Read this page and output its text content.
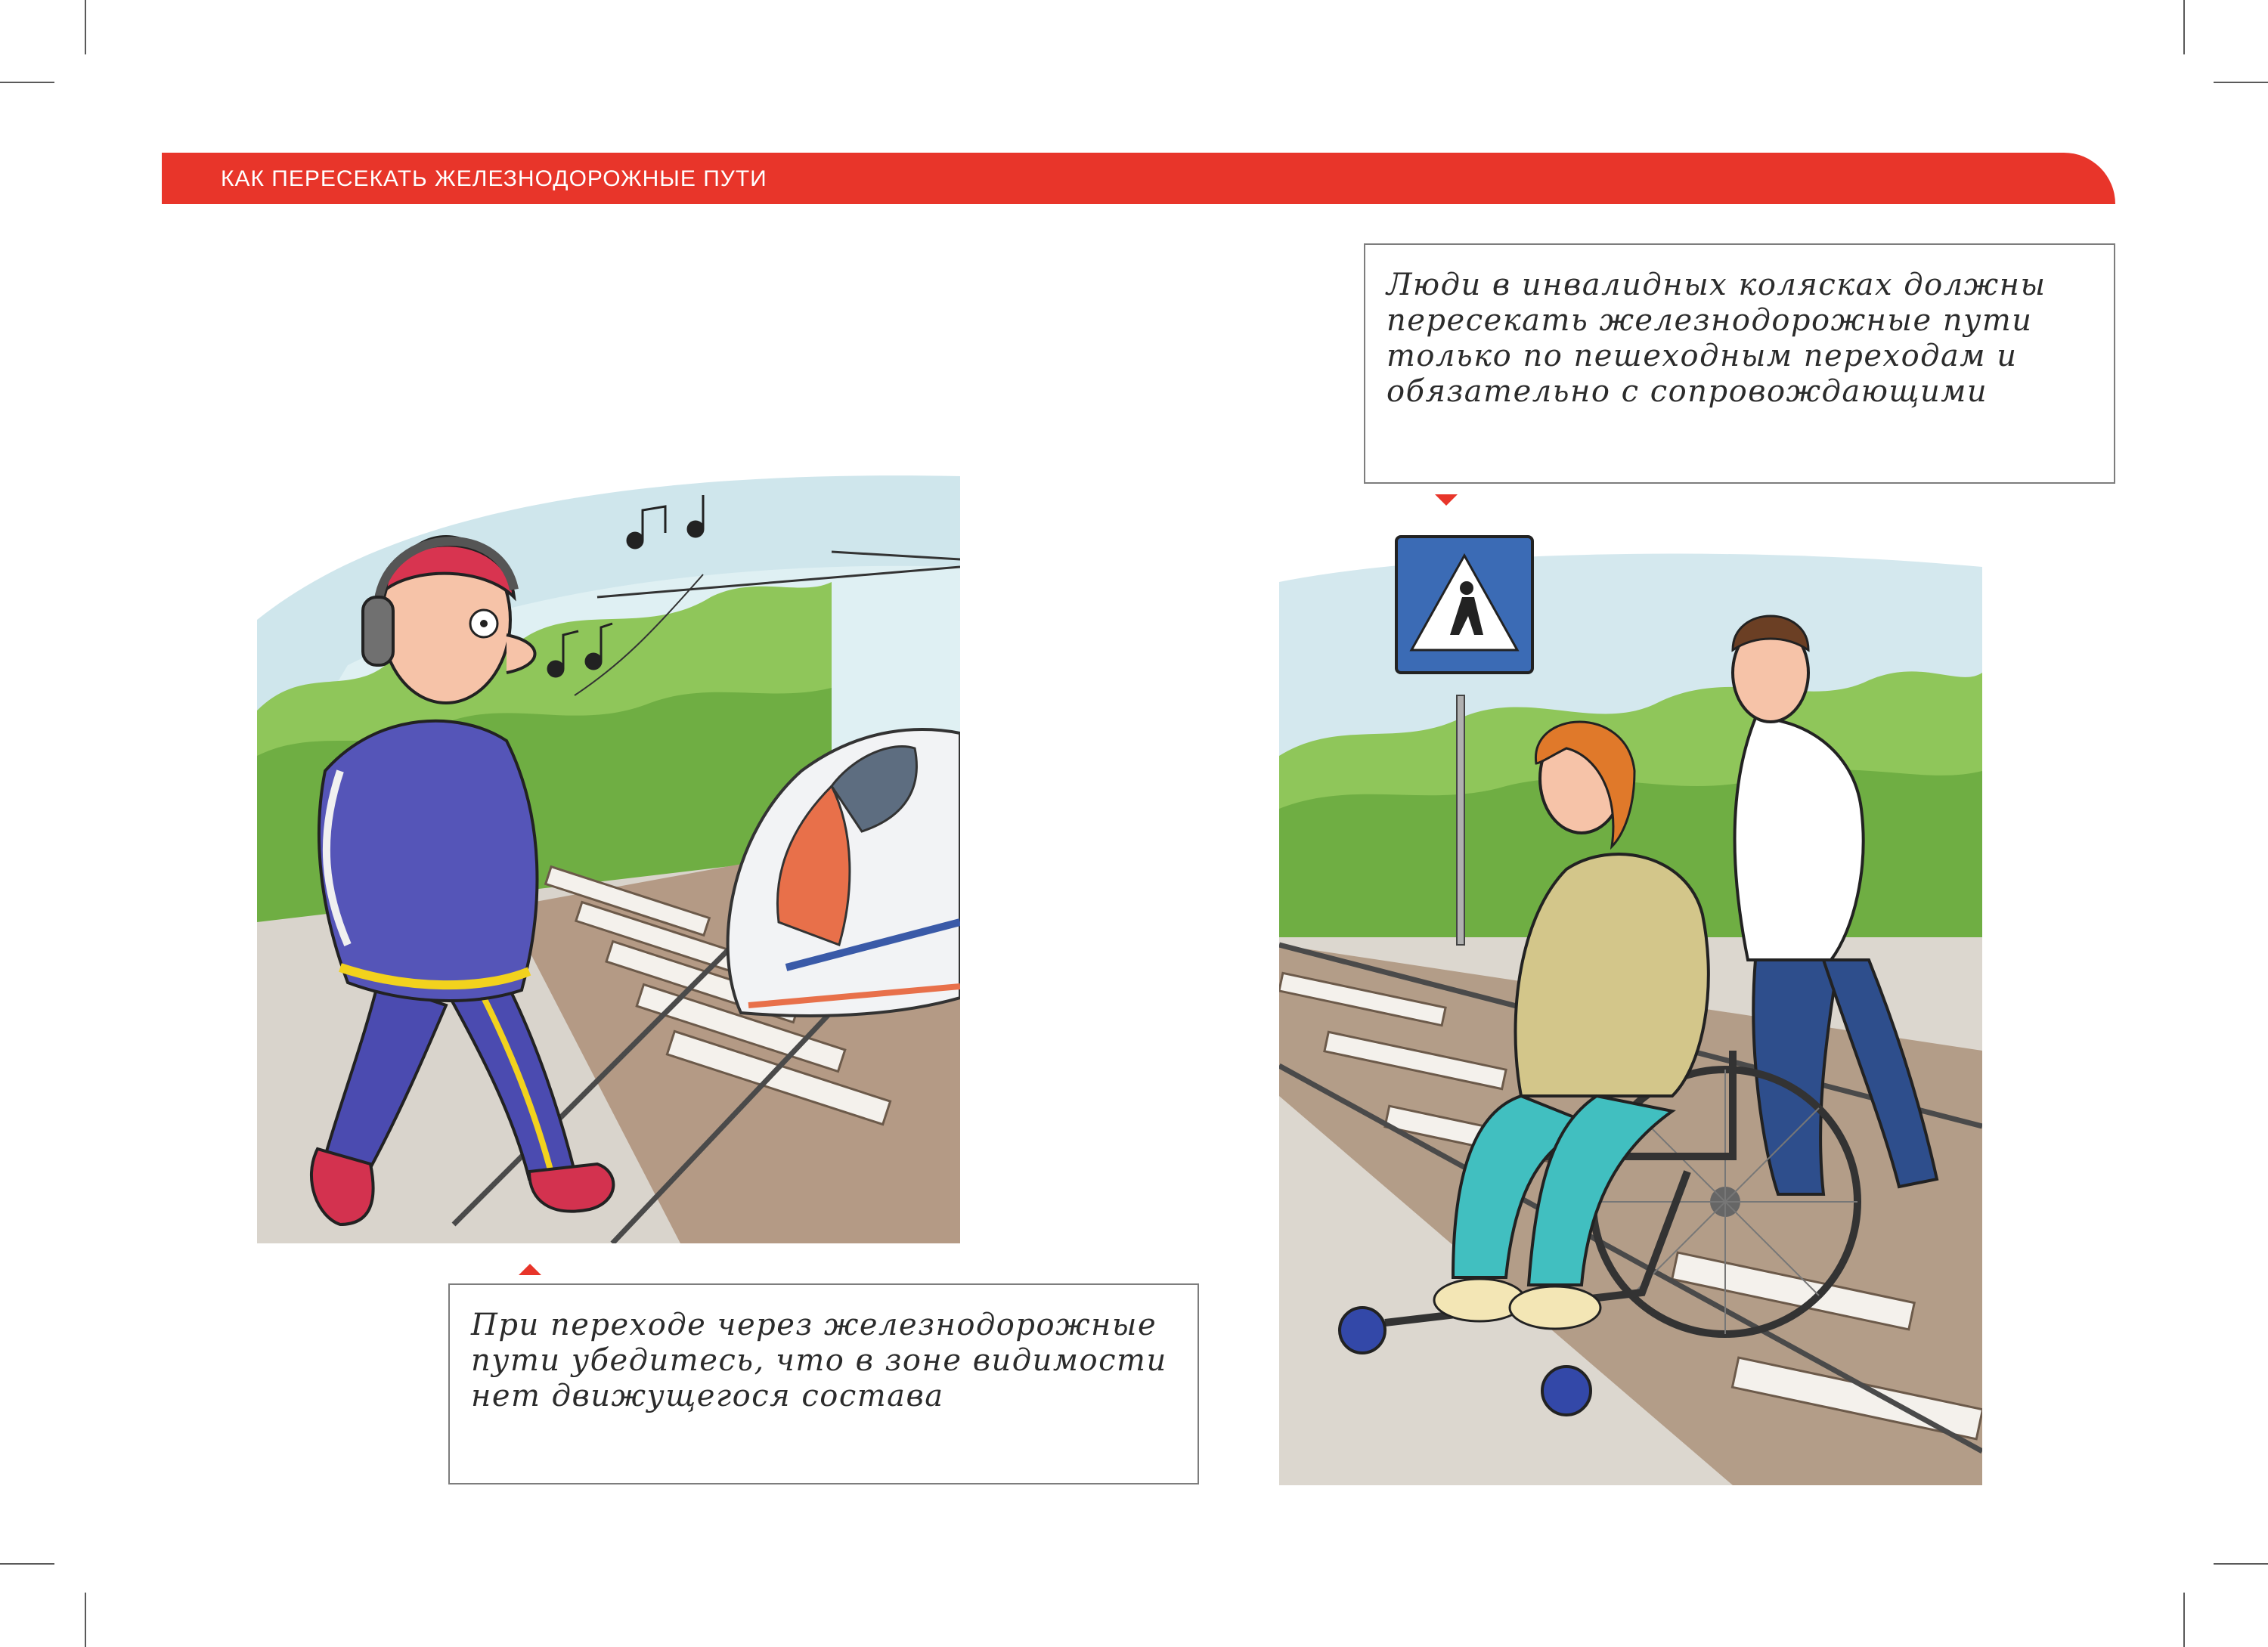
КАК ПЕРЕСЕКАТЬ ЖЕЛЕЗНОДОРОЖНЫЕ ПУТИ
Люди в инвалидных колясках должны пересекать железнодорожные пути только по пешеходным переходам и обязательно с сопровождающими
При переходе через железнодорожные пути убедитесь, что в зоне видимости нет движущегося состава
